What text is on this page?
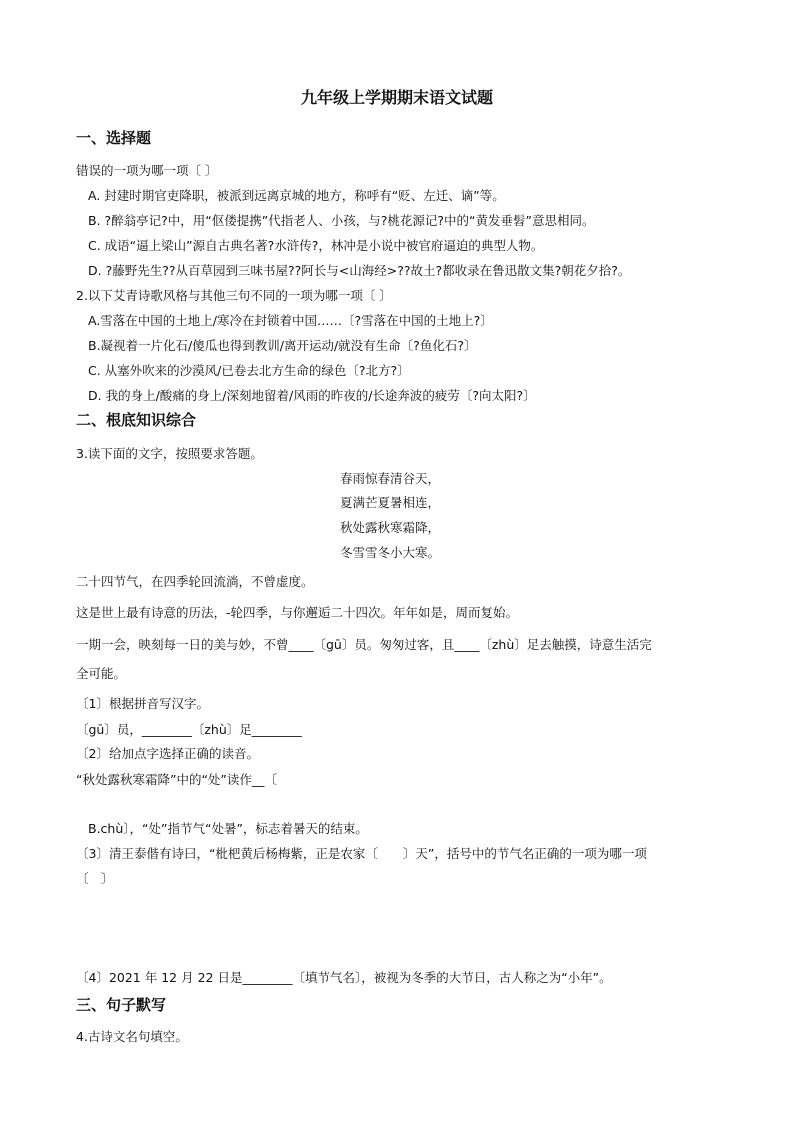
九年级上学期期末语文试题
一、选择题
错误的一项为哪一项〔 〕
A. 封建时期官吏降职，被派到远离京城的地方，称呼有“贬、左迁、谪”等。
B. ?醉翁亭记?中，用“伛偻提携”代指老人、小孩，与?桃花源记?中的“黄发垂髫”意思相同。
C. 成语“逼上梁山”源自古典名著?水浒传?，林冲是小说中被官府逼迫的典型人物。
D. ?藤野先生??从百草园到三味书屋??阿长与<山海经>??故土?都收录在鲁迅散文集?朝花夕拾?。
2.以下艾青诗歌风格与其他三句不同的一项为哪一项〔 〕
A.雪落在中国的土地上/寒冷在封锁着中国……〔?雪落在中国的土地上?〕
B.凝视着一片化石/傻瓜也得到教训/离开运动/就没有生命〔?鱼化石?〕
C. 从塞外吹来的沙漠风/已卷去北方生命的绿色〔?北方?〕
D. 我的身上/酸痛的身上/深刻地留着/风雨的昨夜的/长途奔波的疲劳〔?向太阳?〕
二、根底知识综合
3.读下面的文字，按照要求答题。
春雨惊春清谷天，
夏满芒夏暑相连，
秋处露秋寒霜降，
冬雪雪冬小大寒。
二十四节气，在四季轮回流淌，不曾虚度。
这是世上最有诗意的历法，-轮四季，与你邂逅二十四次。年年如是，周而复始。
一期一会，映刻每一日的美与妙，不曾____〔gū〕员。匆匆过客，且____〔zhù〕足去触摸，诗意生活完
全可能。
〔1〕根据拼音写汉字。
〔gū〕员，________〔zhù〕足________
〔2〕给加点字选择正确的读音。
“秋处露秋寒霜降”中的“处”读作__〔
B.chù〕，“处”指节气“处暑”，标志着暑天的结束。
〔3〕清王泰偕有诗曰，“枇杷黄后杨梅紫，正是农家〔　　〕天”，括号中的节气名正确的一项为哪一项
〔　〕
〔4〕2021 年 12 月 22 日是________〔填节气名〕，被视为冬季的大节日，古人称之为“小年”。
三、句子默写
4.古诗文名句填空。
